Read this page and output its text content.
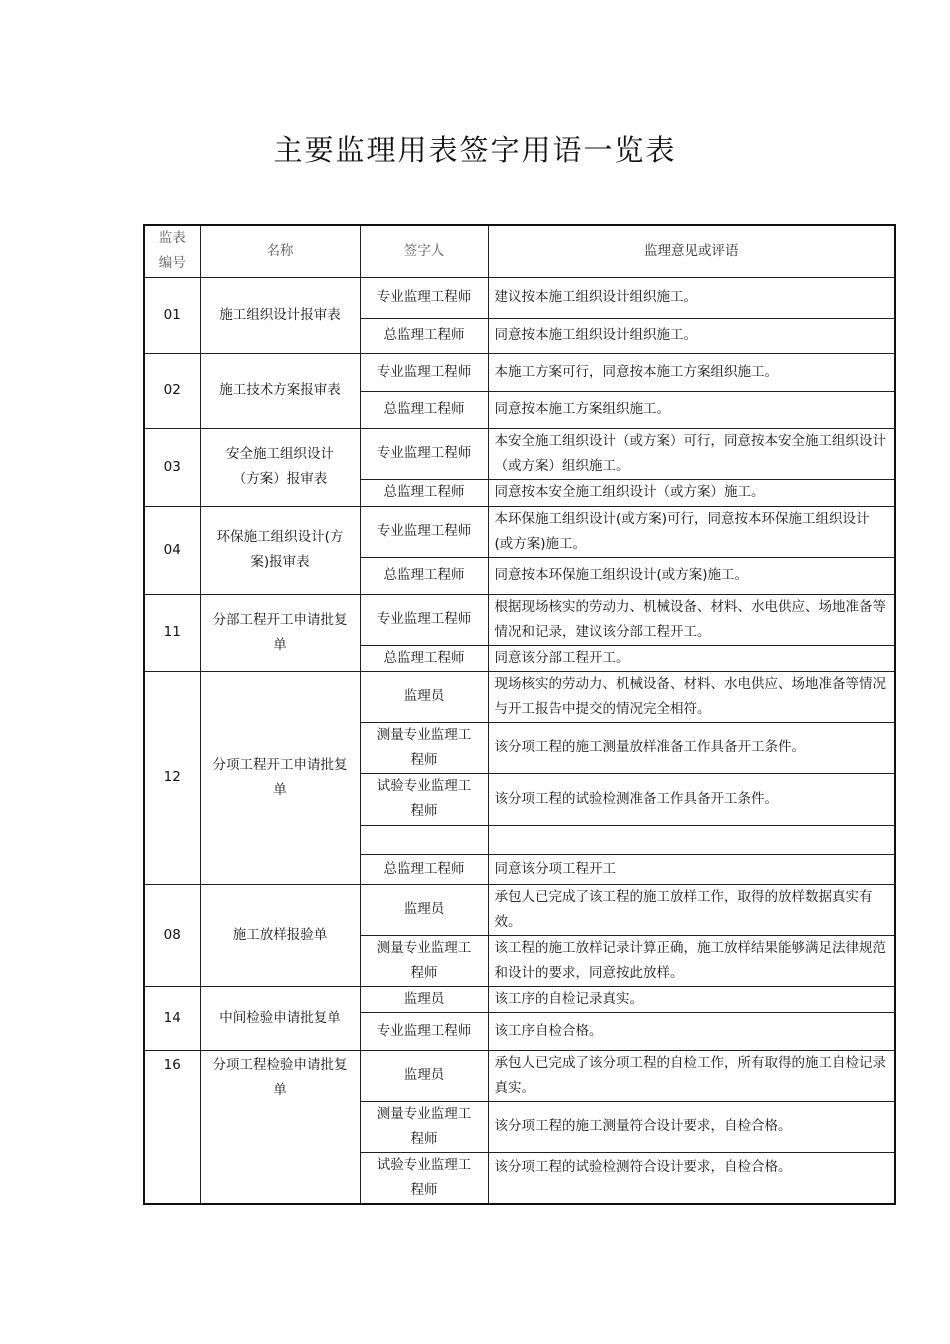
主要监理用表签字用语一览表
监表编号	名称	签字人	监理意见或评语
01	施工组织设计报审表	专业监理工程师	建议按本施工组织设计组织施工。
		总监理工程师	同意按本施工组织设计组织施工。
02	施工技术方案报审表	专业监理工程师	本施工方案可行，同意按本施工方案组织施工。
		总监理工程师	同意按本施工方案组织施工。
03	安全施工组织设计（方案）报审表	专业监理工程师	本安全施工组织设计（或方案）可行，同意按本安全施工组织设计（或方案）组织施工。
		总监理工程师	同意按本安全施工组织设计（或方案）施工。
04	环保施工组织设计(方案)报审表	专业监理工程师	本环保施工组织设计(或方案)可行，同意按本环保施工组织设计(或方案)施工。
		总监理工程师	同意按本环保施工组织设计(或方案)施工。
11	分部工程开工申请批复单	专业监理工程师	根据现场核实的劳动力、机械设备、材料、水电供应、场地准备等情况和记录，建议该分部工程开工。
		总监理工程师	同意该分部工程开工。
12	分项工程开工申请批复单	监理员	现场核实的劳动力、机械设备、材料、水电供应、场地准备等情况与开工报告中提交的情况完全相符。
		测量专业监理工程师	该分项工程的施工测量放样准备工作具备开工条件。
		试验专业监理工程师	该分项工程的试验检测准备工作具备开工条件。

		总监理工程师	同意该分项工程开工
08	施工放样报验单	监理员	承包人已完成了该工程的施工放样工作，取得的放样数据真实有效。
		测量专业监理工程师	该工程的施工放样记录计算正确，施工放样结果能够满足法律规范和设计的要求，同意按此放样。
14	中间检验申请批复单	监理员	该工序的自检记录真实。
		专业监理工程师	该工序自检合格。
16	分项工程检验申请批复单	监理员	承包人已完成了该分项工程的自检工作，所有取得的施工自检记录真实。
		测量专业监理工程师	该分项工程的施工测量符合设计要求，自检合格。
		试验专业监理工程师	该分项工程的试验检测符合设计要求，自检合格。
